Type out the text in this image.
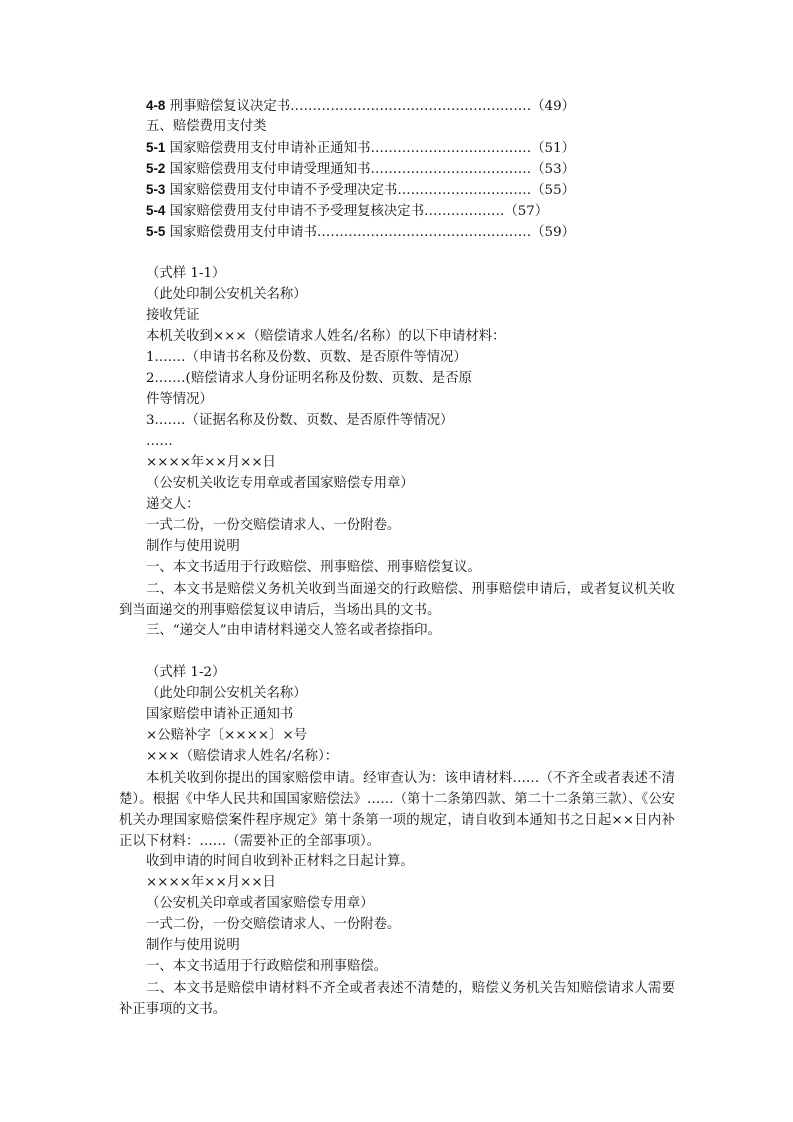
4-8 刑事赔偿复议决定书………………………………………………（49）
五、赔偿费用支付类
5-1 国家赔偿费用支付申请补正通知书………………………………（51）
5-2 国家赔偿费用支付申请受理通知书………………………………（53）
5-3 国家赔偿费用支付申请不予受理决定书…………………………（55）
5-4 国家赔偿费用支付申请不予受理复核决定书………………（57）
5-5 国家赔偿费用支付申请书…………………………………………（59）
（式样 1-1）
（此处印制公安机关名称）
接收凭证
本机关收到×××（赔偿请求人姓名/名称）的以下申请材料：
1.……（申请书名称及份数、页数、是否原件等情况）
2.……(赔偿请求人身份证明名称及份数、页数、是否原
件等情况）
3.……（证据名称及份数、页数、是否原件等情况）
……
××××年××月××日
（公安机关收讫专用章或者国家赔偿专用章）
递交人：
一式二份，一份交赔偿请求人、一份附卷。
制作与使用说明
一、本文书适用于行政赔偿、刑事赔偿、刑事赔偿复议。
二、本文书是赔偿义务机关收到当面递交的行政赔偿、刑事赔偿申请后，或者复议机关收到当面递交的刑事赔偿复议申请后，当场出具的文书。
三、“递交人”由申请材料递交人签名或者捺指印。
（式样 1-2）
（此处印制公安机关名称）
国家赔偿申请补正通知书
×公赔补字〔××××〕×号
×××（赔偿请求人姓名/名称）：
本机关收到你提出的国家赔偿申请。经审查认为：该申请材料……（不齐全或者表述不清楚）。根据《中华人民共和国国家赔偿法》……（第十二条第四款、第二十二条第三款）、《公安机关办理国家赔偿案件程序规定》第十条第一项的规定，请自收到本通知书之日起××日内补正以下材料：……（需要补正的全部事项）。
收到申请的时间自收到补正材料之日起计算。
××××年××月××日
（公安机关印章或者国家赔偿专用章）
一式二份，一份交赔偿请求人、一份附卷。
制作与使用说明
一、本文书适用于行政赔偿和刑事赔偿。
二、本文书是赔偿申请材料不齐全或者表述不清楚的，赔偿义务机关告知赔偿请求人需要补正事项的文书。
